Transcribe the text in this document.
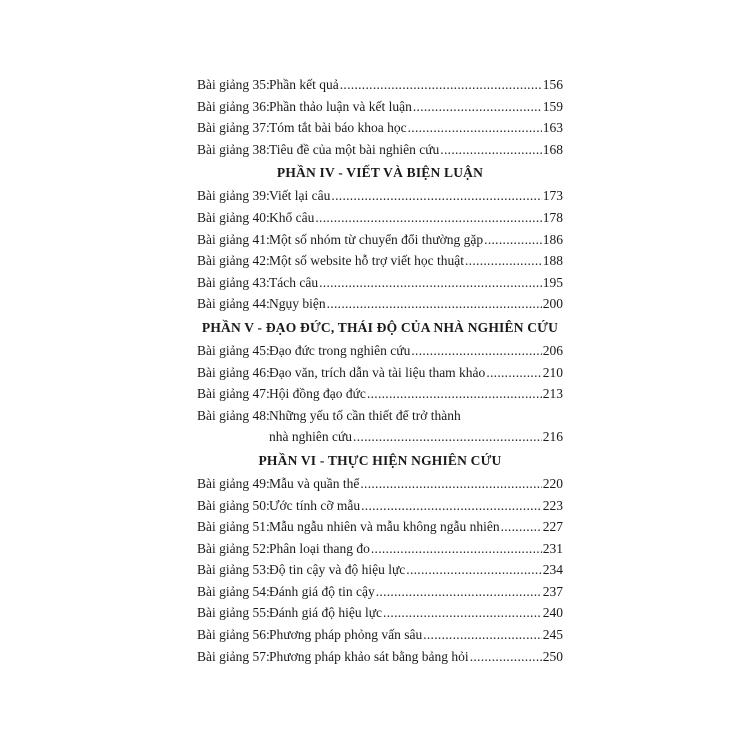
Bài giảng 35: Phần kết quả .....	156
Bài giảng 36: Phần thảo luận và kết luận .....	159
Bài giảng 37: Tóm tắt bài báo khoa học .....	163
Bài giảng 38: Tiêu đề của một bài nghiên cứu .....	168
PHẦN IV - VIẾT VÀ BIỆN LUẬN
Bài giảng 39: Viết lại câu .....	173
Bài giảng 40: Khổ câu .....	178
Bài giảng 41: Một số nhóm từ chuyển đổi thường gặp .....	186
Bài giảng 42: Một số website hỗ trợ viết học thuật .....	188
Bài giảng 43: Tách câu .....	195
Bài giảng 44: Ngụy biện .....	200
PHẦN V - ĐẠO ĐỨC, THÁI ĐỘ CỦA NHÀ NGHIÊN CỨU
Bài giảng 45: Đạo đức trong nghiên cứu .....	206
Bài giảng 46: Đạo văn, trích dẫn và tài liệu tham khảo .....	210
Bài giảng 47: Hội đồng đạo đức .....	213
Bài giảng 48: Những yếu tố cần thiết để trở thành
nhà nghiên cứu .....	216
PHẦN VI - THỰC HIỆN NGHIÊN CỨU
Bài giảng 49: Mẫu và quần thể .....	220
Bài giảng 50: Ước tính cỡ mẫu .....	223
Bài giảng 51: Mẫu ngẫu nhiên và mẫu không ngẫu nhiên .....	227
Bài giảng 52: Phân loại thang đo .....	231
Bài giảng 53: Độ tin cậy và độ hiệu lực .....	234
Bài giảng 54: Đánh giá độ tin cậy .....	237
Bài giảng 55: Đánh giá độ hiệu lực .....	240
Bài giảng 56: Phương pháp phỏng vấn sâu .....	245
Bài giảng 57: Phương pháp khảo sát bằng bảng hỏi .....	250
